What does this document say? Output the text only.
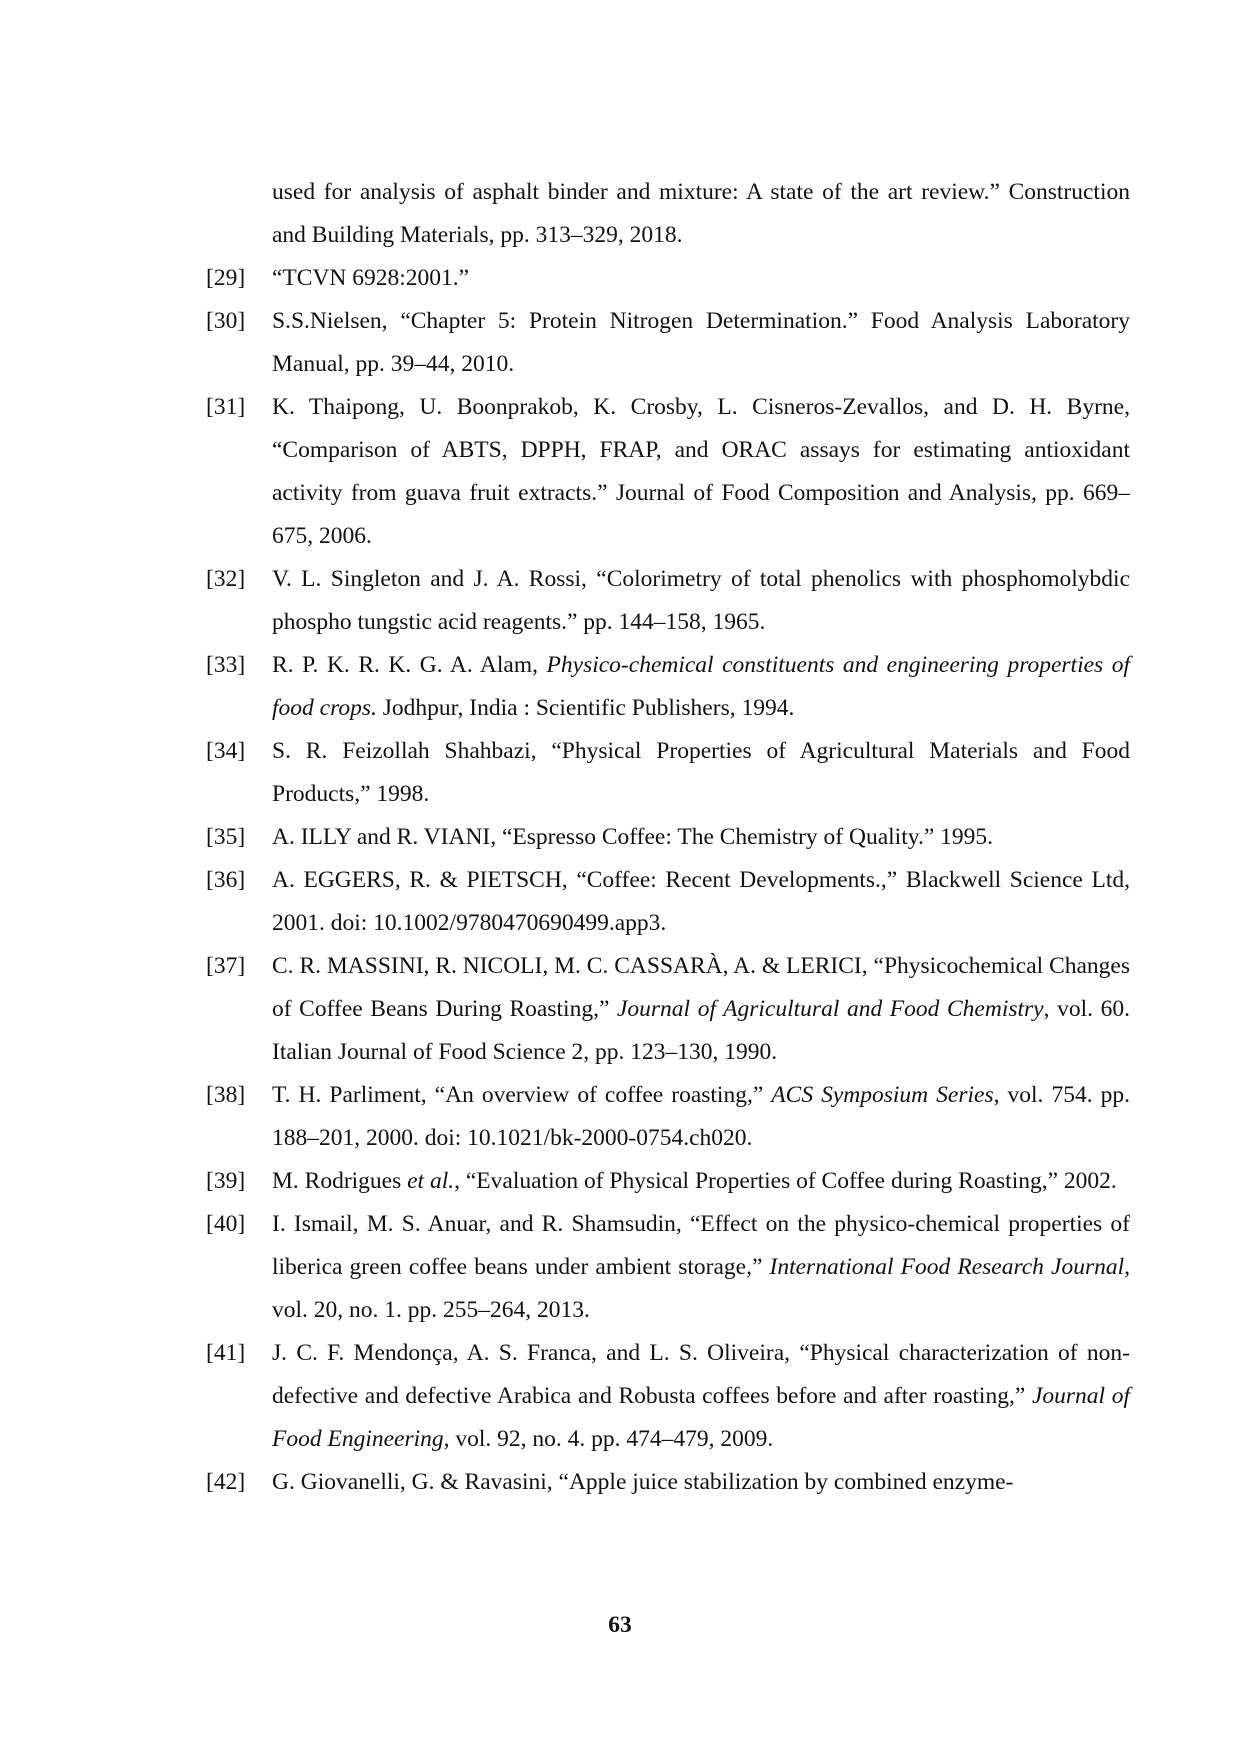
used for analysis of asphalt binder and mixture: A state of the art review.” Construction and Building Materials, pp. 313–329, 2018.
[29] “TCVN 6928:2001.”
[30] S.S.Nielsen, “Chapter 5: Protein Nitrogen Determination.” Food Analysis Laboratory Manual, pp. 39–44, 2010.
[31] K. Thaipong, U. Boonprakob, K. Crosby, L. Cisneros-Zevallos, and D. H. Byrne, “Comparison of ABTS, DPPH, FRAP, and ORAC assays for estimating antioxidant activity from guava fruit extracts.” Journal of Food Composition and Analysis, pp. 669–675, 2006.
[32] V. L. Singleton and J. A. Rossi, “Colorimetry of total phenolics with phosphomolybdic phospho tungstic acid reagents.” pp. 144–158, 1965.
[33] R. P. K. R. K. G. A. Alam, Physico-chemical constituents and engineering properties of food crops. Jodhpur, India : Scientific Publishers, 1994.
[34] S. R. Feizollah Shahbazi, “Physical Properties of Agricultural Materials and Food Products,” 1998.
[35] A. ILLY and R. VIANI, “Espresso Coffee: The Chemistry of Quality.” 1995.
[36] A. EGGERS, R. & PIETSCH, “Coffee: Recent Developments.,” Blackwell Science Ltd, 2001. doi: 10.1002/9780470690499.app3.
[37] C. R. MASSINI, R. NICOLI, M. C. CASSARÀ, A. & LERICI, “Physicochemical Changes of Coffee Beans During Roasting,” Journal of Agricultural and Food Chemistry, vol. 60. Italian Journal of Food Science 2, pp. 123–130, 1990.
[38] T. H. Parliment, “An overview of coffee roasting,” ACS Symposium Series, vol. 754. pp. 188–201, 2000. doi: 10.1021/bk-2000-0754.ch020.
[39] M. Rodrigues et al., “Evaluation of Physical Properties of Coffee during Roasting,” 2002.
[40] I. Ismail, M. S. Anuar, and R. Shamsudin, “Effect on the physico-chemical properties of liberica green coffee beans under ambient storage,” International Food Research Journal, vol. 20, no. 1. pp. 255–264, 2013.
[41] J. C. F. Mendonça, A. S. Franca, and L. S. Oliveira, “Physical characterization of non-defective and defective Arabica and Robusta coffees before and after roasting,” Journal of Food Engineering, vol. 92, no. 4. pp. 474–479, 2009.
[42] G. Giovanelli, G. & Ravasini, “Apple juice stabilization by combined enzyme-
63
